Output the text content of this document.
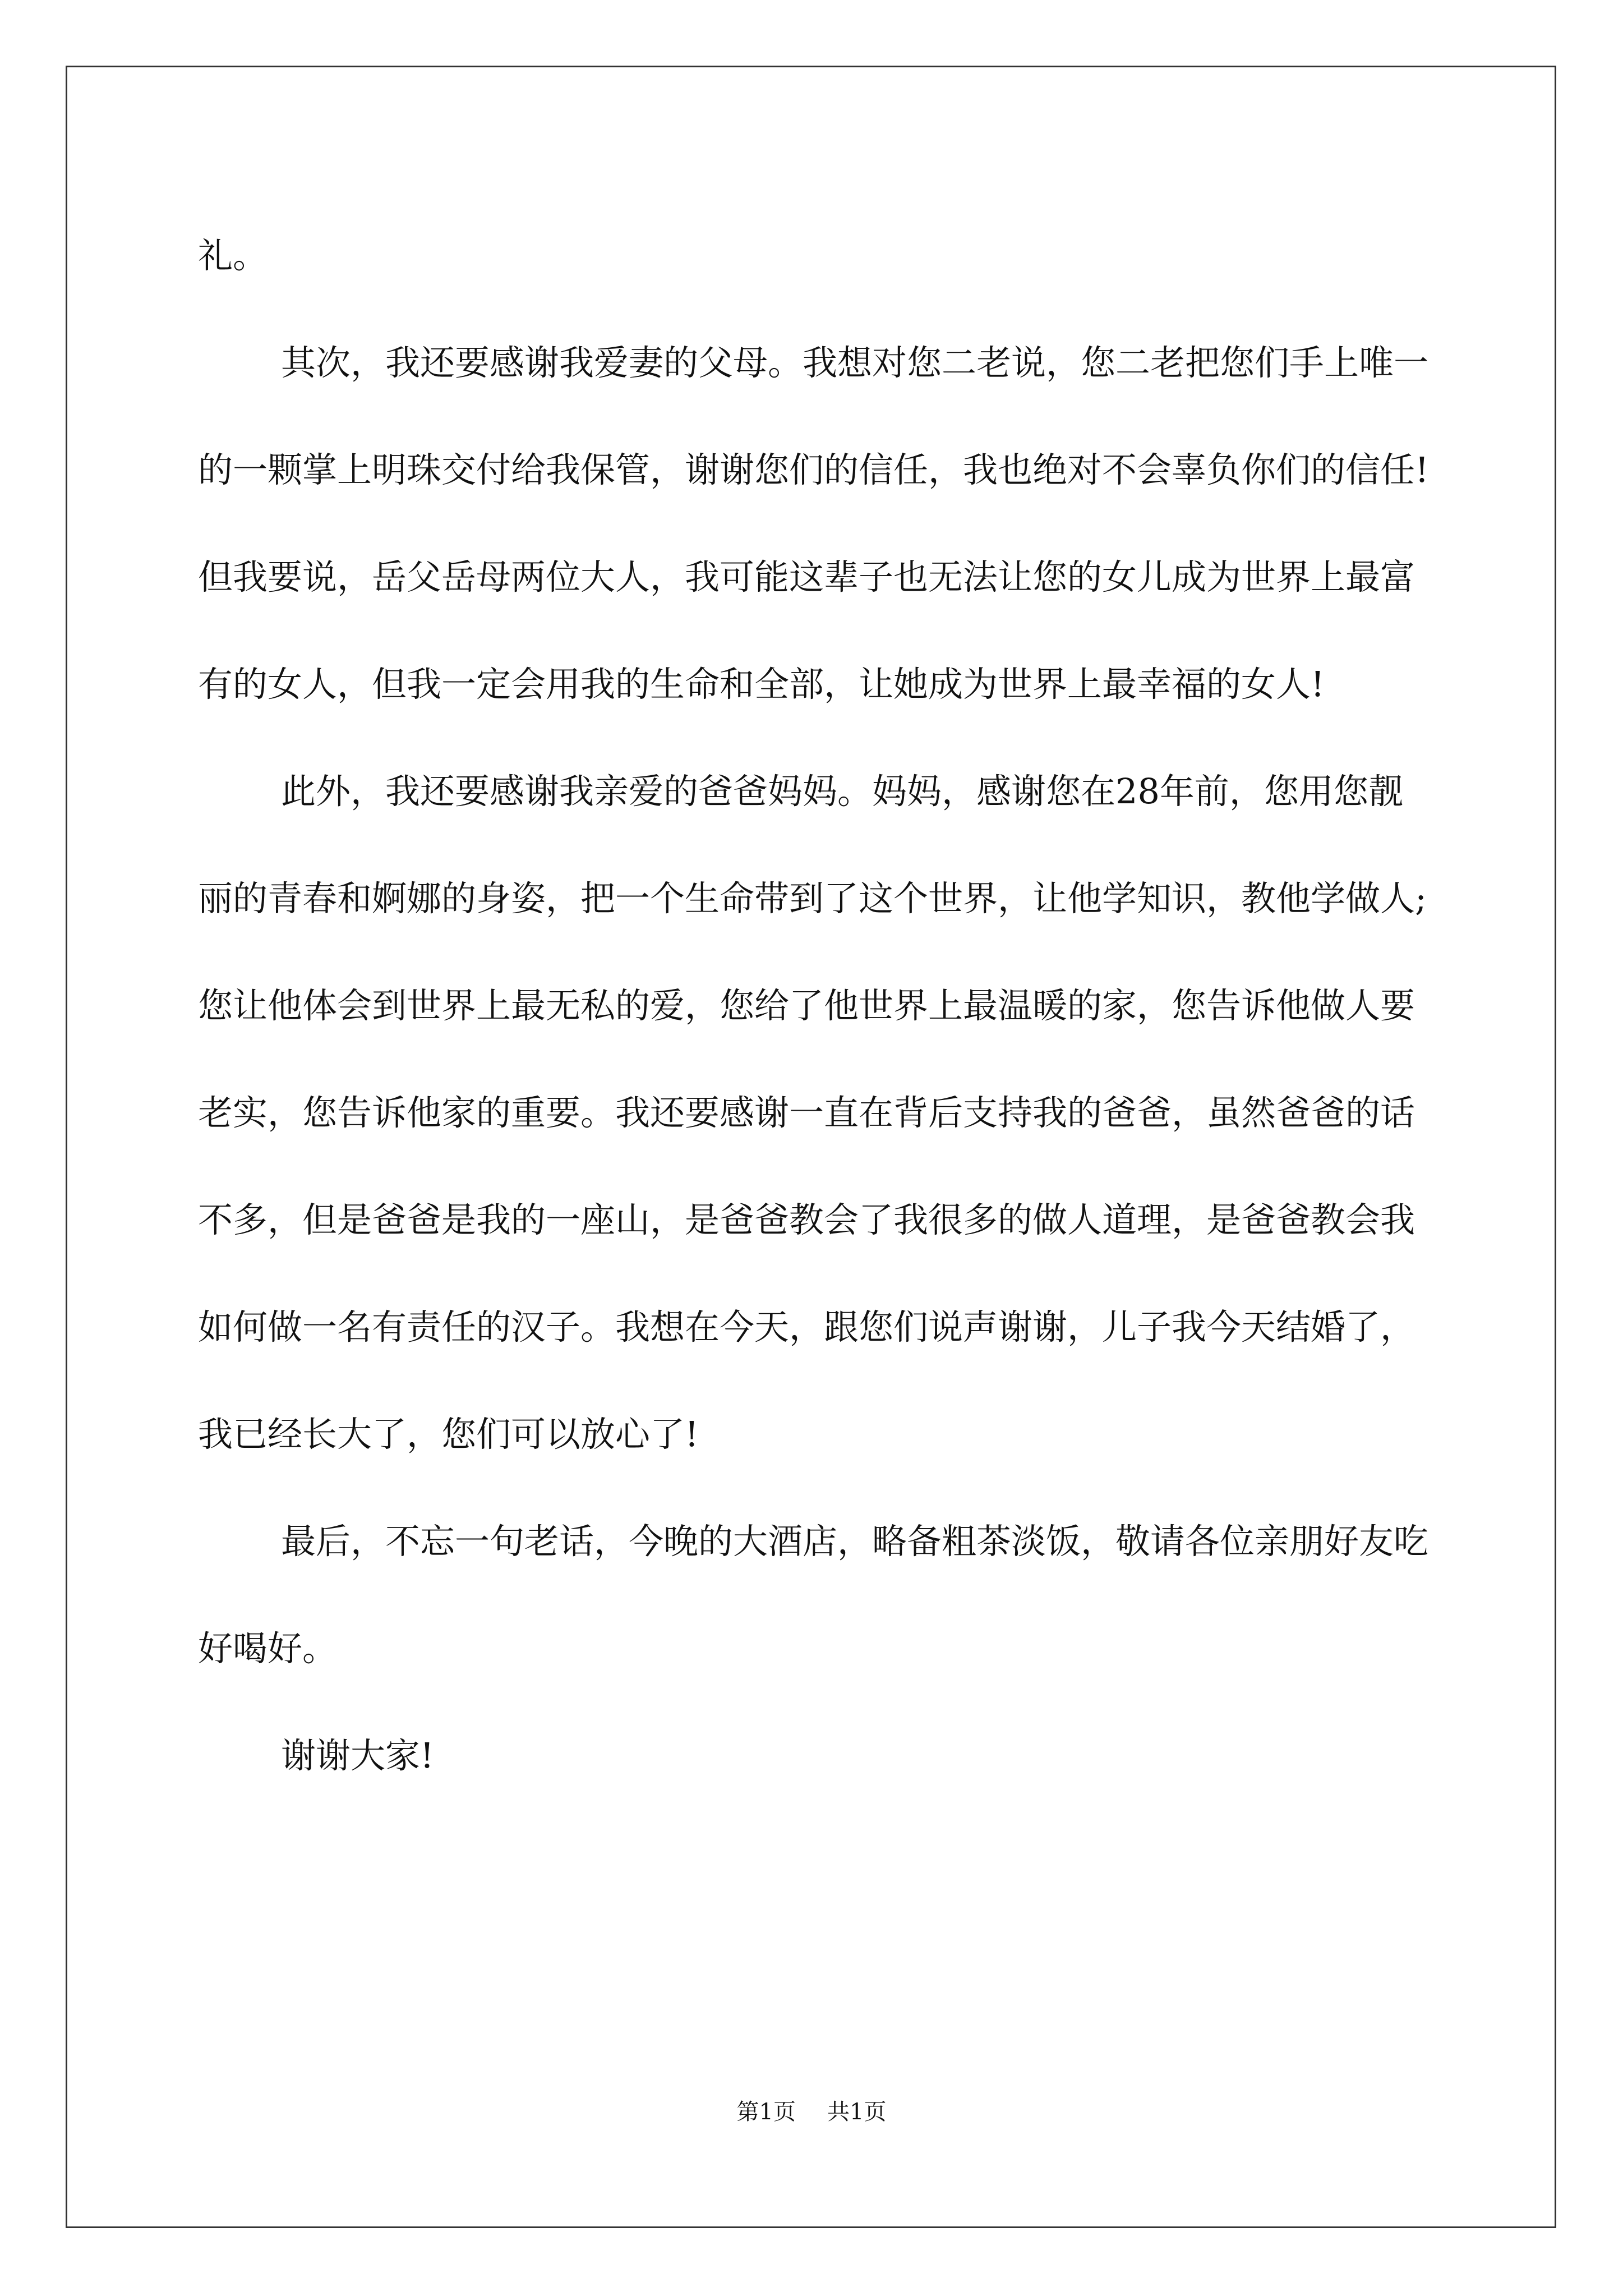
礼。

其次，我还要感谢我爱妻的父母。我想对您二老说，您二老把您们手上唯一的一颗掌上明珠交付给我保管，谢谢您们的信任，我也绝对不会辜负你们的信任!但我要说，岳父岳母两位大人，我可能这辈子也无法让您的女儿成为世界上最富有的女人，但我一定会用我的生命和全部，让她成为世界上最幸福的女人!

此外，我还要感谢我亲爱的爸爸妈妈。妈妈，感谢您在28年前，您用您靓丽的青春和婀娜的身姿，把一个生命带到了这个世界，让他学知识，教他学做人;您让他体会到世界上最无私的爱，您给了他世界上最温暖的家，您告诉他做人要老实，您告诉他家的重要。我还要感谢一直在背后支持我的爸爸，虽然爸爸的话不多，但是爸爸是我的一座山，是爸爸教会了我很多的做人道理，是爸爸教会我如何做一名有责任的汉子。我想在今天，跟您们说声谢谢，儿子我今天结婚了，我已经长大了，您们可以放心了!

最后，不忘一句老话，今晚的大酒店，略备粗茶淡饭，敬请各位亲朋好友吃好喝好。

谢谢大家!

第1页 共1页
